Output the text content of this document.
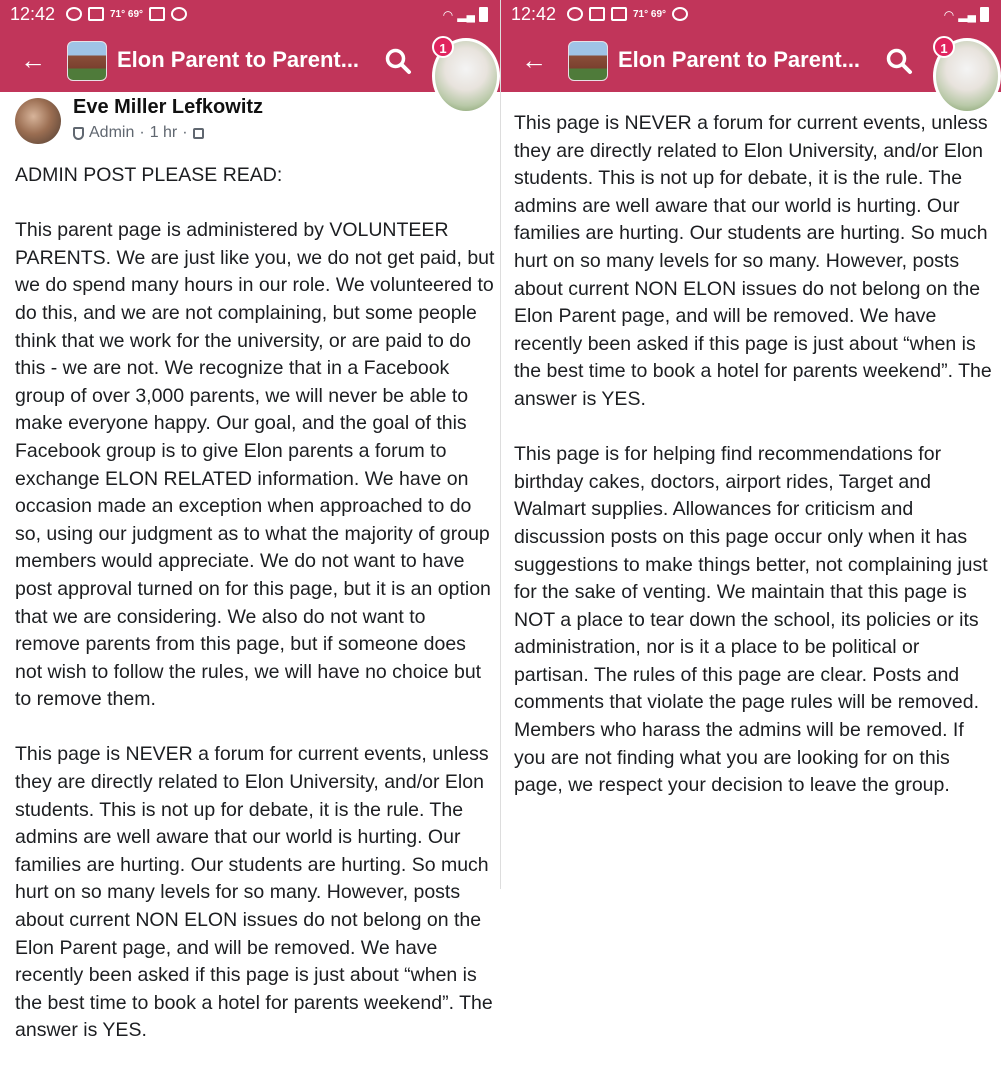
12:42	71° 69°	◠ ▂▄
←	Elon Parent to Parent...	1
Eve Miller Lefkowitz
Admin · 1 hr ·

ADMIN POST PLEASE READ:

This parent page is administered by VOLUNTEER PARENTS. We are just like you, we do not get paid, but we do spend many hours in our role. We volunteered to do this, and we are not complaining, but some people think that we work for the university, or are paid to do this - we are not. We recognize that in a Facebook group of over 3,000 parents, we will never be able to make everyone happy. Our goal, and the goal of this Facebook group is to give Elon parents a forum to exchange ELON RELATED information. We have on occasion made an exception when approached to do so, using our judgment as to what the majority of group members would appreciate. We do not want to have post approval turned on for this page, but it is an option that we are considering. We also do not want to remove parents from this page, but if someone does not wish to follow the rules, we will have no choice but to remove them.

This page is NEVER a forum for current events, unless they are directly related to Elon University, and/or Elon students. This is not up for debate, it is the rule. The admins are well aware that our world is hurting. Our families are hurting. Our students are hurting. So much hurt on so many levels for so many. However, posts about current NON ELON issues do not belong on the Elon Parent page, and will be removed. We have recently been asked if this page is just about “when is the best time to book a hotel for parents weekend”. The answer is YES.

12:42	71° 69°	◠ ▂▄
←	Elon Parent to Parent...	1

This page is NEVER a forum for current events, unless they are directly related to Elon University, and/or Elon students. This is not up for debate, it is the rule. The admins are well aware that our world is hurting. Our families are hurting. Our students are hurting. So much hurt on so many levels for so many. However, posts about current NON ELON issues do not belong on the Elon Parent page, and will be removed. We have recently been asked if this page is just about “when is the best time to book a hotel for parents weekend”. The answer is YES.

This page is for helping find recommendations for birthday cakes, doctors, airport rides, Target and Walmart supplies. Allowances for criticism and discussion posts on this page occur only when it has suggestions to make things better, not complaining just for the sake of venting. We maintain that this page is NOT a place to tear down the school, its policies or its administration, nor is it a place to be political or partisan. The rules of this page are clear. Posts and comments that violate the page rules will be removed. Members who harass the admins will be removed. If you are not finding what you are looking for on this page, we respect your decision to leave the group.
